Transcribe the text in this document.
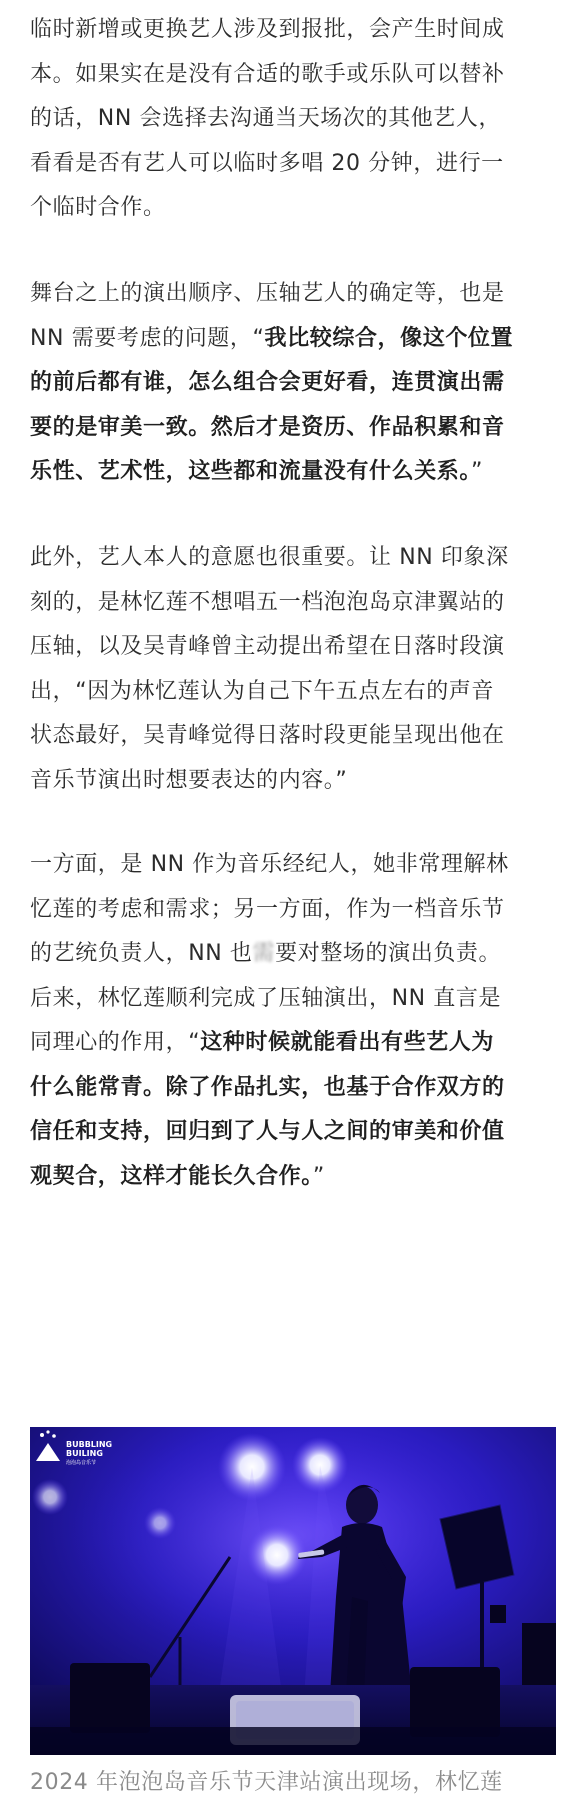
临时新增或更换艺人涉及到报批，会产生时间成
本。如果实在是没有合适的歌手或乐队可以替补
的话，NN 会选择去沟通当天场次的其他艺人，
看看是否有艺人可以临时多唱 20 分钟，进行一
个临时合作。

舞台之上的演出顺序、压轴艺人的确定等，也是
NN 需要考虑的问题，“我比较综合，像这个位置
的前后都有谁，怎么组合会更好看，连贯演出需
要的是审美一致。然后才是资历、作品积累和音
乐性、艺术性，这些都和流量没有什么关系。”

此外，艺人本人的意愿也很重要。让 NN 印象深
刻的，是林忆莲不想唱五一档泡泡岛京津翼站的
压轴，以及吴青峰曾主动提出希望在日落时段演
出，“因为林忆莲认为自己下午五点左右的声音
状态最好，吴青峰觉得日落时段更能呈现出他在
音乐节演出时想要表达的内容。”

一方面，是 NN 作为音乐经纪人，她非常理解林
忆莲的考虑和需求；另一方面，作为一档音乐节
的艺统负责人，NN 也需要对整场的演出负责。
后来，林忆莲顺利完成了压轴演出，NN 直言是
同理心的作用，“这种时候就能看出有些艺人为
什么能常青。除了作品扎实，也基于合作双方的
信任和支持，回归到了人与人之间的审美和价值
观契合，这样才能长久合作。”

BUBBLING
BUILING
泡泡岛音乐节
2024 年泡泡岛音乐节天津站演出现场，林忆莲
